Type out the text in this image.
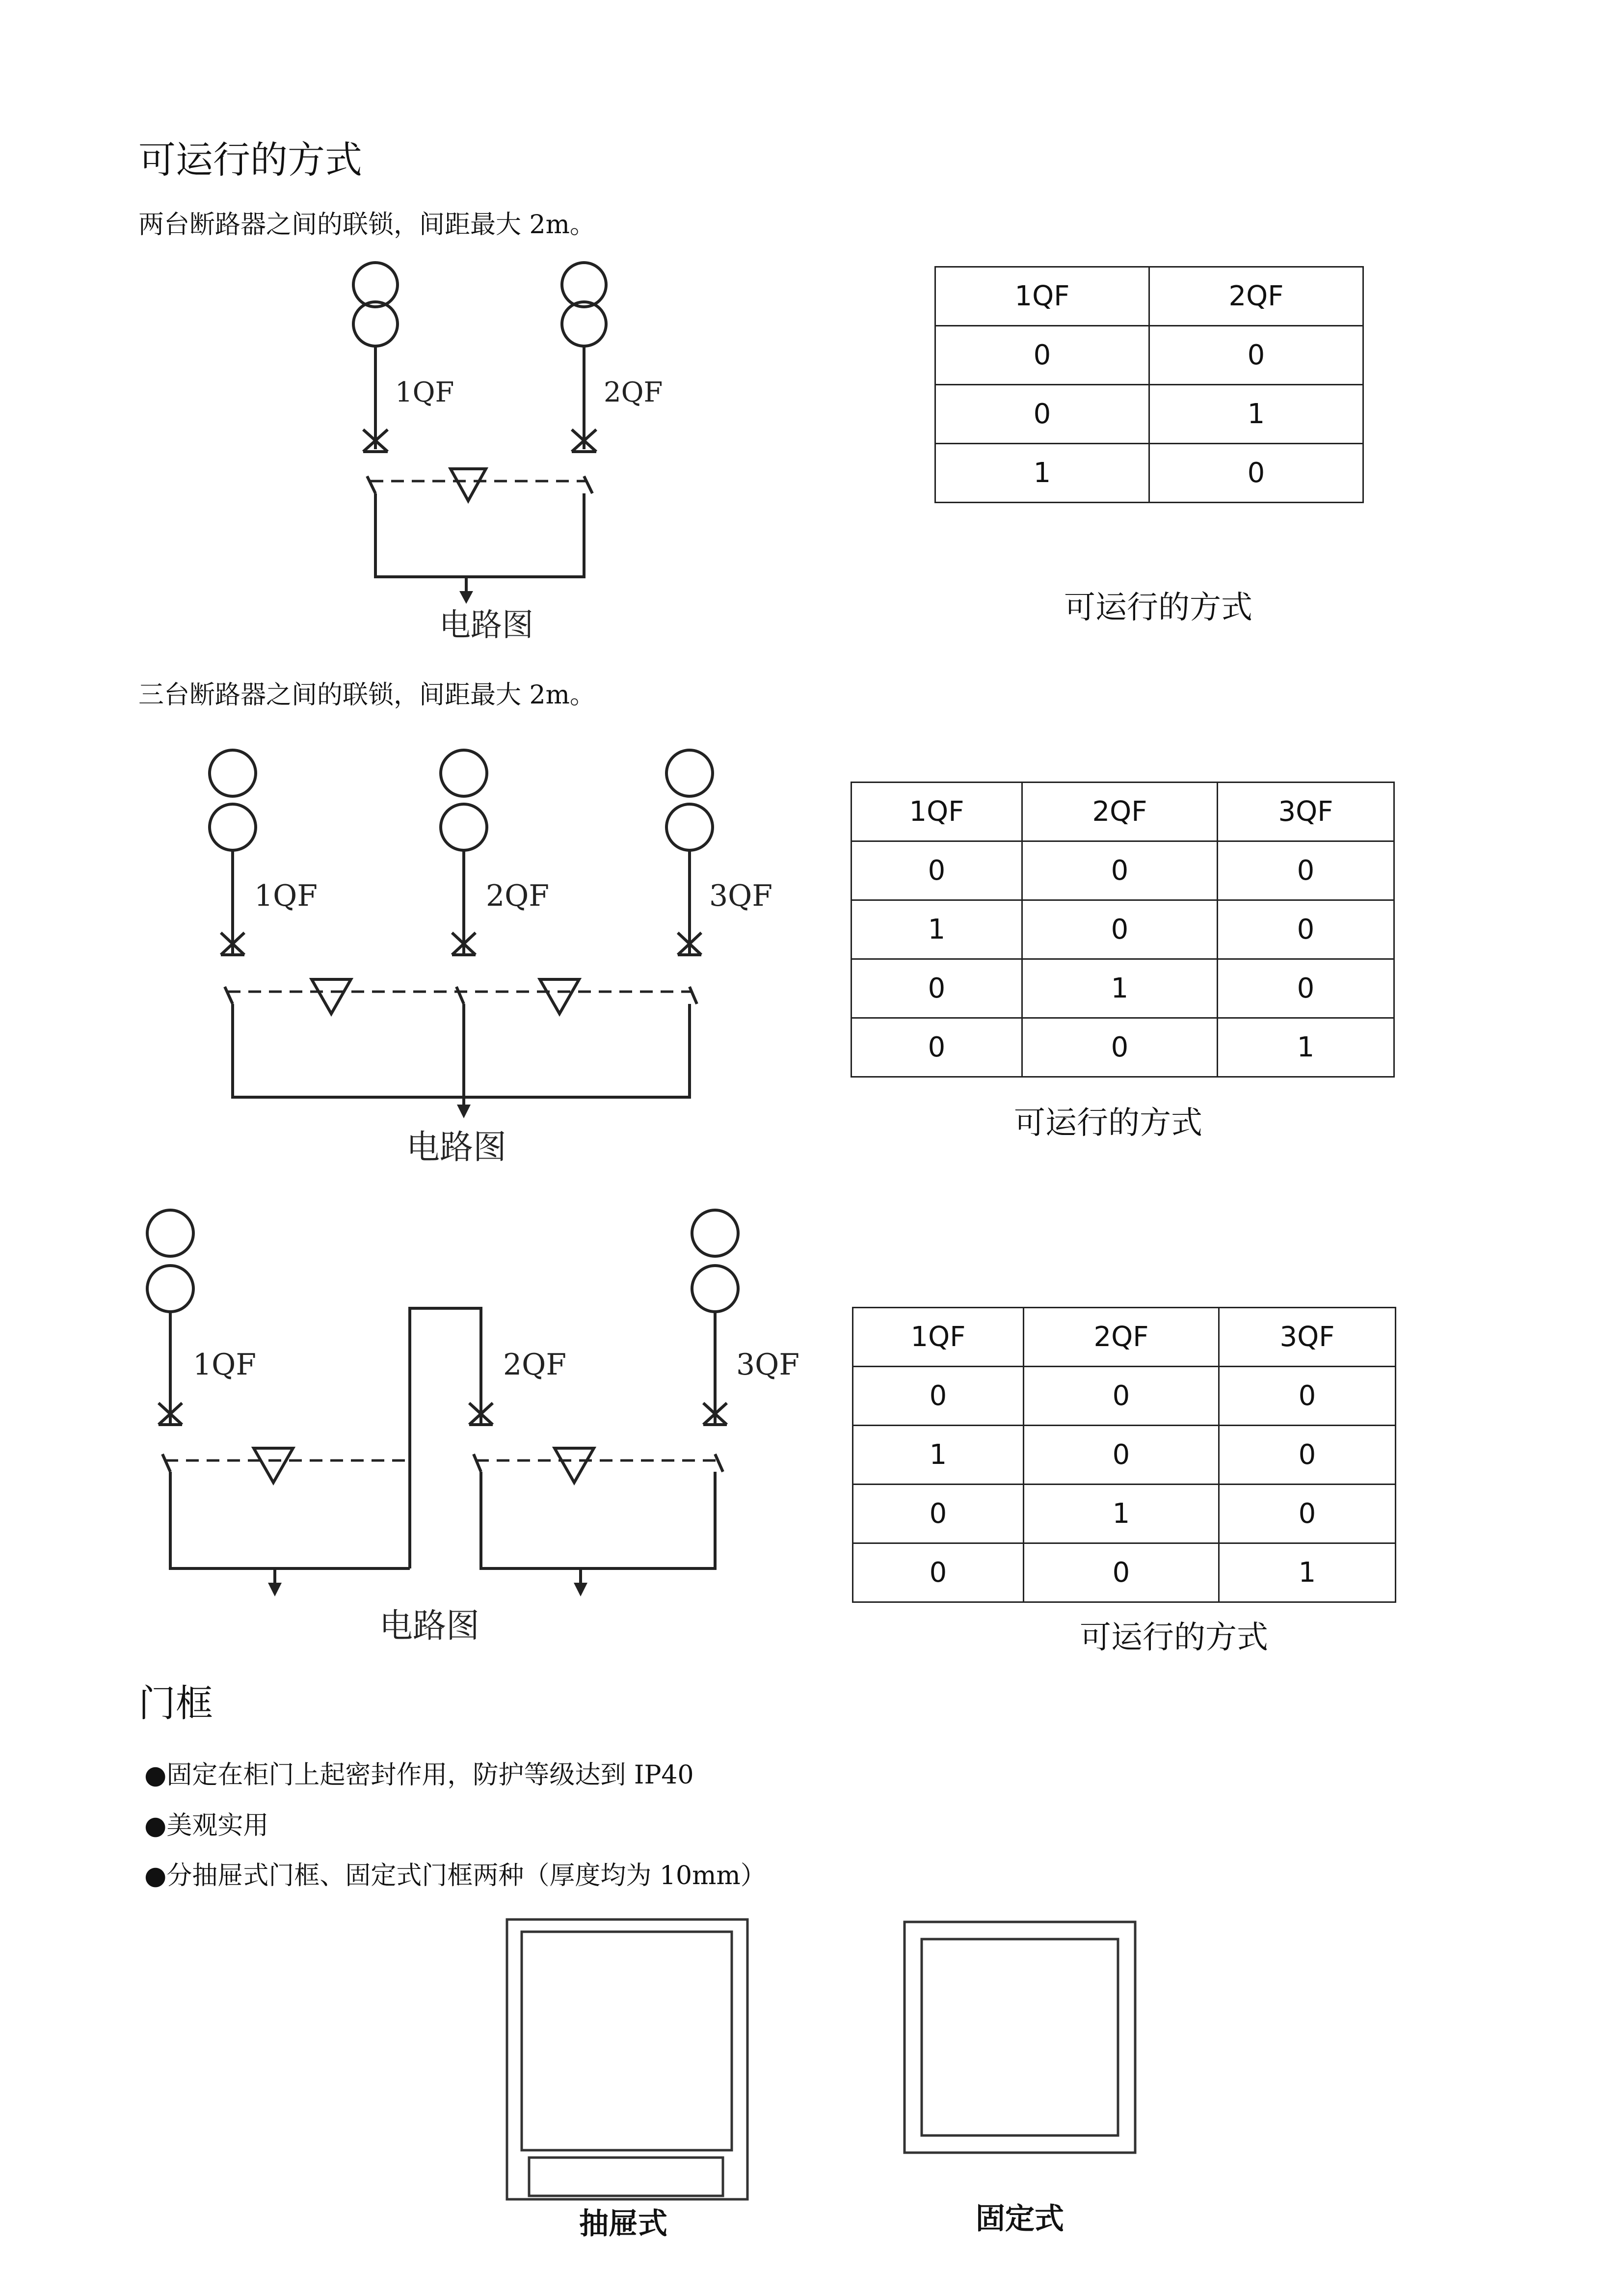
可运行的方式
两台断路器之间的联锁，间距最大 2m。
1QF	2QF
电路图
1QF	2QF
0	0
0	1
1	0
可运行的方式
三台断路器之间的联锁，间距最大 2m。
1QF	2QF	3QF
电路图
1QF	2QF	3QF
0	0	0
1	0	0
0	1	0
0	0	1
可运行的方式
1QF	2QF	3QF
电路图
1QF	2QF	3QF
0	0	0
1	0	0
0	1	0
0	0	1
可运行的方式
门框
●固定在柜门上起密封作用，防护等级达到 IP40
●美观实用
●分抽屉式门框、固定式门框两种（厚度均为 10mm）
抽屉式	固定式
